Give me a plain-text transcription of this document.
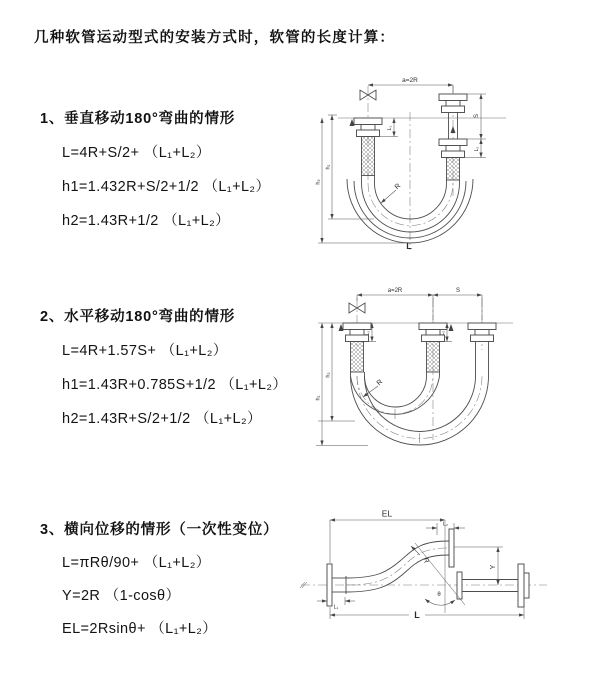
几种软管运动型式的安装方式时，软管的长度计算：
1、垂直移动180°弯曲的情形
L=4R+S/2+ （L₁+L₂）
h1=1.432R+S/2+1/2 （L₁+L₂）
h2=1.43R+1/2 （L₁+L₂）
2、水平移动180°弯曲的情形
L=4R+1.57S+ （L₁+L₂）
h1=1.43R+0.785S+1/2 （L₁+L₂）
h2=1.43R+S/2+1/2 （L₁+L₂）
3、横向位移的情形（一次性变位）
L=πRθ/90+ （L₁+L₂）
Y=2R （1-cosθ）
EL=2Rsinθ+ （L₁+L₂）
a=2R
R
L
h₁
h₂
L₁
S
L₂
a=2R	S
R
h₂
h₁
L₁	L₂
θ
EL
L₂
Y
R
L
L₁
